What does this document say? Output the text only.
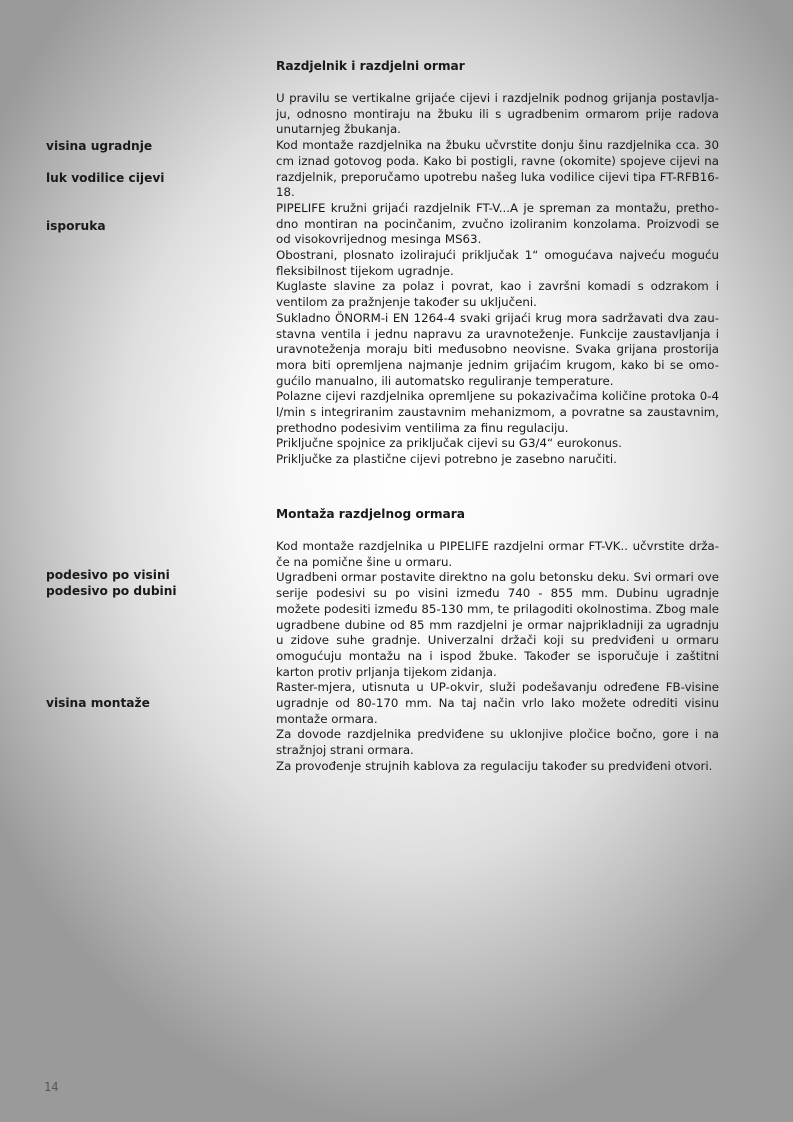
Razdjelnik i razdjelni ormar

U pravilu se vertikalne grijaće cijevi i razdjelnik podnog grijanja postavlja-ju, odnosno montiraju na žbuku ili s ugradbenim ormarom prije radova unutarnjeg žbukanja.
Kod montaže razdjelnika na žbuku učvrstite donju šinu razdjelnika cca. 30 cm iznad gotovog poda. Kako bi postigli, ravne (okomite) spojeve cijevi na razdjelnik, preporučamo upotrebu našeg luka vodilice cijevi tipa FT-RFB16-18.
PIPELIFE kružni grijaći razdjelnik FT-V...A je spreman za montažu, pretho-dno montiran na pocinčanim, zvučno izoliranim konzolama. Proizvodi se od visokovrijednog mesinga MS63.
Obostrani, plosnato izolirajući priključak 1“ omogućava najveću moguću fleksibilnost tijekom ugradnje.
Kuglaste slavine za polaz i povrat, kao i završni komadi s odzrakom i ventilom za pražnjenje također su uključeni.
Sukladno ÖNORM-i EN 1264-4 svaki grijaći krug mora sadržavati dva zau-stavna ventila i jednu napravu za uravnoteženje. Funkcije zaustavljanja i uravnoteženja moraju biti međusobno neovisne. Svaka grijana prostorija mora biti opremljena najmanje jednim grijaćim krugom, kako bi se omo-gućilo manualno, ili automatsko reguliranje temperature.
Polazne cijevi razdjelnika opremljene su pokazivačima količine protoka 0-4 l/min s integriranim zaustavnim mehanizmom, a povratne sa zaustavnim, prethodno podesivim ventilima za finu regulaciju.
Priključne spojnice za priključak cijevi su G3/4“ eurokonus.
Priključke za plastične cijevi potrebno je zasebno naručiti.

Montaža razdjelnog ormara

Kod montaže razdjelnika u PIPELIFE razdjelni ormar FT-VK.. učvrstite drža-če na pomične šine u ormaru.
Ugradbeni ormar postavite direktno na golu betonsku deku. Svi ormari ove serije podesivi su po visini između 740 - 855 mm. Dubinu ugradnje možete podesiti između 85-130 mm, te prilagoditi okolnostima. Zbog male ugradbene dubine od 85 mm razdjelni je ormar najprikladniji za ugradnju u zidove suhe gradnje. Univerzalni držači koji su predviđeni u ormaru omogućuju montažu na i ispod žbuke. Također se isporučuje i zaštitni karton protiv prljanja tijekom zidanja.
Raster-mjera, utisnuta u UP-okvir, služi podešavanju određene FB-visine ugradnje od 80-170 mm. Na taj način vrlo lako možete odrediti visinu montaže ormara.
Za dovode razdjelnika predviđene su uklonjive pločice bočno, gore i na stražnjoj strani ormara.
Za provođenje strujnih kablova za regulaciju također su predviđeni otvori.

visina ugradnje
luk vodilice cijevi
isporuka
podesivo po visini
podesivo po dubini
visina montaže
14
